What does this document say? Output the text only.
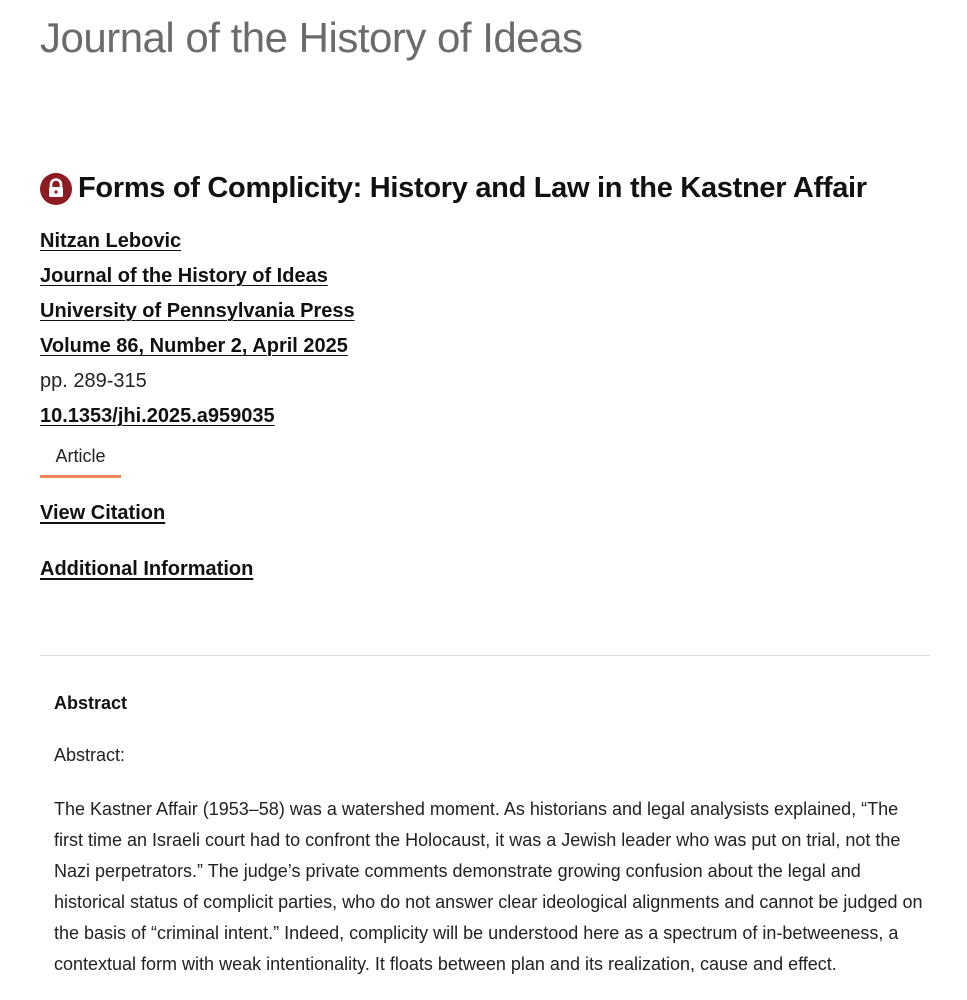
Journal of the History of Ideas
Forms of Complicity: History and Law in the Kastner Affair
Nitzan Lebovic
Journal of the History of Ideas
University of Pennsylvania Press
Volume 86, Number 2, April 2025
pp. 289-315
10.1353/jhi.2025.a959035
Article
View Citation
Additional Information
Abstract
Abstract:

The Kastner Affair (1953–58) was a watershed moment. As historians and legal analysists explained, “The first time an Israeli court had to confront the Holocaust, it was a Jewish leader who was put on trial, not the Nazi perpetrators.” The judge’s private comments demonstrate growing confusion about the legal and historical status of complicit parties, who do not answer clear ideological alignments and cannot be judged on the basis of “criminal intent.” Indeed, complicity will be understood here as a spectrum of in-betweeness, a contextual form with weak intentionality. It floats between plan and its realization, cause and effect.
